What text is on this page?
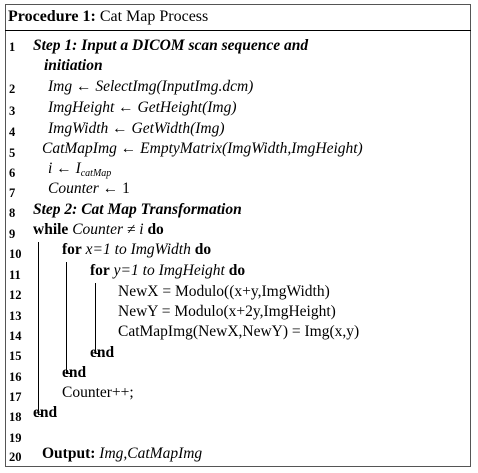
Procedure 1: Cat Map Process
1
2
3
4
5
6
7
8
9
10
11
12
13
14
15
16
17
18
19
20
Step 1: Input a DICOM scan sequence and
initiation
Img ← SelectImg(InputImg.dcm)
ImgHeight ← GetHeight(Img)
ImgWidth ← GetWidth(Img)
CatMapImg ← EmptyMatrix(ImgWidth,ImgHeight)
i ← IcatMap
Counter ← 1
Step 2: Cat Map Transformation
while Counter ≠ i do
for x=1 to ImgWidth do
for y=1 to ImgHeight do
NewX = Modulo((x+y,ImgWidth)
NewY = Modulo(x+2y,ImgHeight)
CatMapImg(NewX,NewY) = Img(x,y)
end
end
Counter++;
end
Output: Img,CatMapImg
